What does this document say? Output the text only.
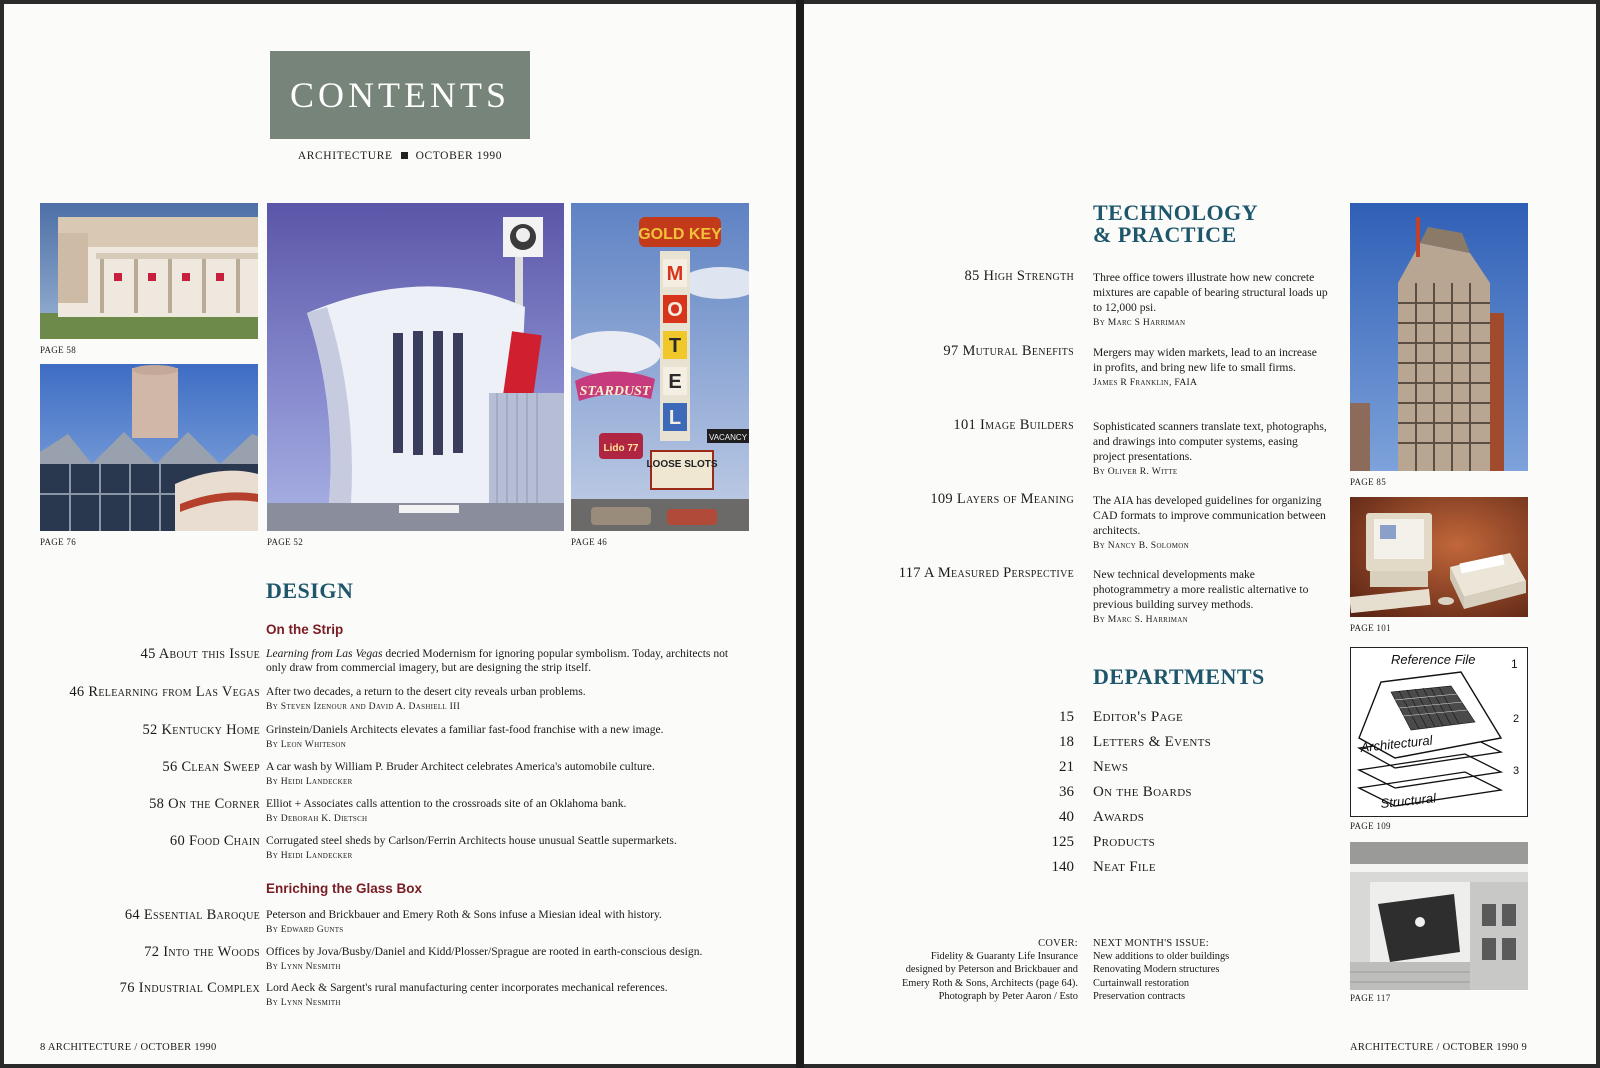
CONTENTS
ARCHITECTURE OCTOBER 1990
PAGE 58
PAGE 76	PAGE 52
GOLD KEY
M
O
T
E
L
STARDUST
Lido 77
LOOSE SLOTS
VACANCY
PAGE 46
DESIGN
On the Strip
45 About this Issue Learning from Las Vegas decried Modernism for ignoring popular symbolism. Today, architects not only draw from commercial imagery, but are designing the strip itself.
46 Relearning from Las Vegas After two decades, a return to the desert city reveals urban problems.
By Steven Izenour and David A. Dashiell III
52 Kentucky Home Grinstein/Daniels Architects elevates a familiar fast-food franchise with a new image.
By Leon Whiteson
56 Clean Sweep A car wash by William P. Bruder Architect celebrates America's automobile culture.
By Heidi Landecker
58 On the Corner Elliot + Associates calls attention to the crossroads site of an Oklahoma bank.
By Deborah K. Dietsch
60 Food Chain Corrugated steel sheds by Carlson/Ferrin Architects house unusual Seattle supermarkets.
By Heidi Landecker
Enriching the Glass Box
64 Essential Baroque Peterson and Brickbauer and Emery Roth & Sons infuse a Miesian ideal with history.
By Edward Gunts
72 Into the Woods Offices by Jova/Busby/Daniel and Kidd/Plosser/Sprague are rooted in earth-conscious design.
By Lynn Nesmith
76 Industrial Complex Lord Aeck & Sargent's rural manufacturing center incorporates mechanical references.
By Lynn Nesmith
8 ARCHITECTURE / OCTOBER 1990
TECHNOLOGY
& PRACTICE
85 High Strength Three office towers illustrate how new concrete mixtures are capable of bearing structural loads up to 12,000 psi.
By Marc S Harriman
97 Mutural Benefits Mergers may widen markets, lead to an increase in profits, and bring new life to small firms.
James R Franklin, FAIA
101 Image Builders Sophisticated scanners translate text, photographs, and drawings into computer systems, easing project presentations.
By Oliver R. Witte
109 Layers of Meaning The AIA has developed guidelines for organizing CAD formats to improve communication between architects.
By Nancy B. Solomon
117 A Measured Perspective New technical developments make photogrammetry a more realistic alternative to previous building survey methods.
By Marc S. Harriman
DEPARTMENTS
15 Editor's Page
18 Letters & Events
21 News
36 On the Boards
40 Awards
125 Products
140 Neat File
COVER:
Fidelity & Guaranty Life Insurance
designed by Peterson and Brickbauer and
Emery Roth & Sons, Architects (page 64).
Photograph by Peter Aaron / Esto
NEXT MONTH'S ISSUE:
New additions to older buildings
Renovating Modern structures
Curtainwall restoration
Preservation contracts
PAGE 85
PAGE 101
Reference File	1
Architectural
2
3
Structural
PAGE 109
PAGE 117
ARCHITECTURE / OCTOBER 1990 9
